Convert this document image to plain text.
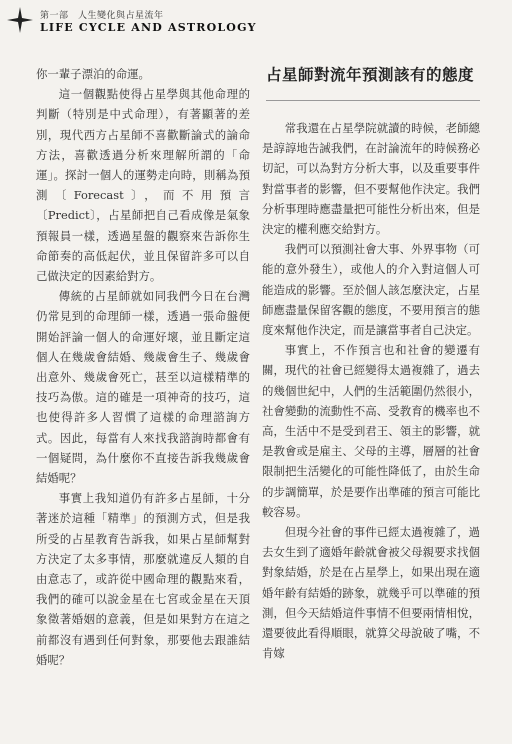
第一部　人生變化與占星流年
LIFE CYCLE AND ASTROLOGY

你一輩子漂泊的命運。

這一個觀點使得占星學與其他命理的判斷（特別是中式命理），有著顯著的差別，現代西方占星師不喜歡斷論式的論命方法，喜歡透過分析來理解所謂的「命運」。探討一個人的運勢走向時，則稱為預測〔Forecast〕，而不用預言〔Predict〕，占星師把自己看成像是氣象預報員一樣，透過星盤的觀察來告訴你生命節奏的高低起伏，並且保留許多可以自己做決定的因素給對方。

傳統的占星師就如同我們今日在台灣仍常見到的命理師一樣，透過一張命盤便開始評論一個人的命運好壞，並且斷定這個人在幾歲會結婚、幾歲會生子、幾歲會出意外、幾歲會死亡，甚至以這樣精準的技巧為傲。這的確是一項神奇的技巧，這也使得許多人習慣了這樣的命理諮詢方式。因此，每當有人來找我諮詢時都會有一個疑問，為什麼你不直接告訴我幾歲會結婚呢？

事實上我知道仍有許多占星師，十分著迷於這種「精準」的預測方式，但是我所受的占星教育告訴我，如果占星師幫對方決定了太多事情，那麼就違反人類的自由意志了，或許從中國命理的觀點來看，我們的確可以說金星在七宮或金星在天頂象徵著婚姻的意義，但是如果對方在這之前都沒有遇到任何對象，那要他去跟誰結婚呢？

占星師對流年預測該有的態度

常我還在占星學院就讀的時候，老師總是諄諄地告誡我們，在討論流年的時候務必切記，可以為對方分析大事，以及重要事件對當事者的影響，但不要幫他作決定。我們分析事理時應盡量把可能性分析出來，但是決定的權利應交給對方。

我們可以預測社會大事、外界事物（可能的意外發生），或他人的介入對這個人可能造成的影響。至於個人該怎麼決定，占星師應盡量保留客觀的態度，不要用預言的態度來幫他作決定，而是讓當事者自己決定。

事實上，不作預言也和社會的變遷有關，現代的社會已經變得太過複雜了，過去的幾個世紀中，人們的生活範圍仍然很小，社會變動的流動性不高、受教育的機率也不高，生活中不是受到君王、領主的影響，就是教會或是雇主、父母的主導，層層的社會限制把生活變化的可能性降低了，由於生命的步調簡單，於是要作出準確的預言可能比較容易。

但現今社會的事件已經太過複雜了，過去女生到了適婚年齡就會被父母親要求找個對象結婚，於是在占星學上，如果出現在適婚年齡有結婚的跡象，就幾乎可以準確的預測，但今天結婚這件事情不但要兩情相悅，還要彼此看得順眼，就算父母說破了嘴，不肯嫁
